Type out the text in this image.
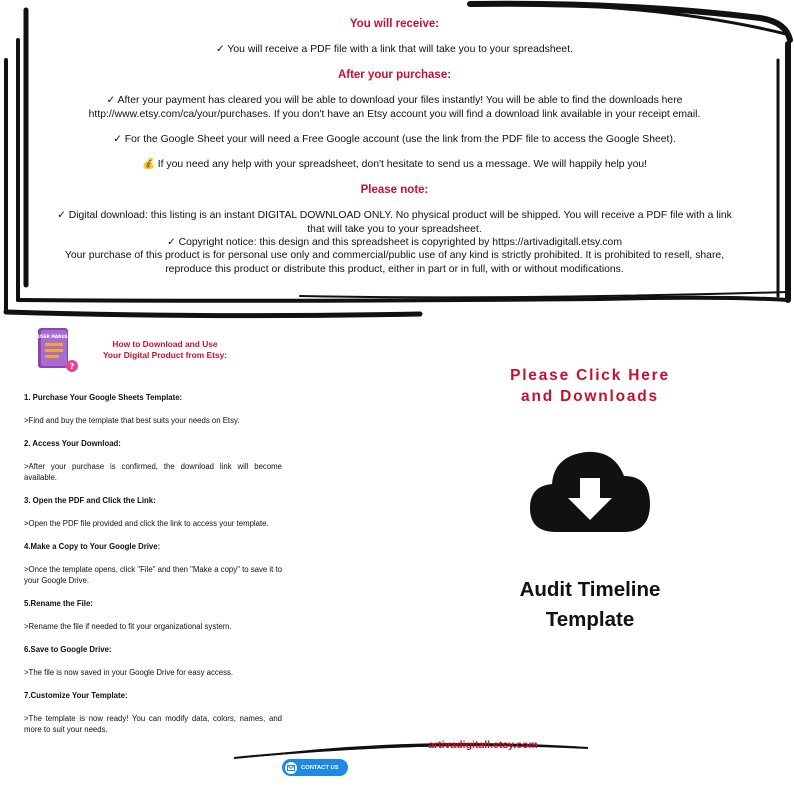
You will receive:

✓ You will receive a PDF file with a link that will take you to your spreadsheet.

After your purchase:

✓ After your payment has cleared you will be able to download your files instantly! You will be able to find the downloads here

http://www.etsy.com/ca/your/purchases. If you don't have an Etsy account you will find a download link available in your receipt email.

✓ For the Google Sheet your will need a Free Google account (use the link from the PDF file to access the Google Sheet).

💰 If you need any help with your spreadsheet, don't hesitate to send us a message. We will happily help you!

Please note:

✓ Digital download: this listing is an instant DIGITAL DOWNLOAD ONLY. No physical product will be shipped. You will receive a PDF file with a link

that will take you to your spreadsheet.

✓ Copyright notice: this design and this spreadsheet is copyrighted by https://artivadigitall.etsy.com

Your purchase of this product is for personal use only and commercial/public use of any kind is strictly prohibited. It is prohibited to resell, share,

reproduce this product or distribute this product, either in part or in full, with or without modifications.

USER MANUAL
?
How to Download and Use
Your Digital Product from Etsy:

1. Purchase Your Google Sheets Template:

>Find and buy the template that best suits your needs on Etsy.

2. Access Your Download:

>After your purchase is confirmed, the download link will become available.

3. Open the PDF and Click the Link:

>Open the PDF file provided and click the link to access your template.

4.Make a Copy to Your Google Drive:

>Once the template opens, click "File" and then "Make a copy" to save it to your Google Drive.

5.Rename the File:

>Rename the file if needed to fit your organizational system.

6.Save to Google Drive:

>The file is now saved in your Google Drive for easy access.

7.Customize Your Template:

>The template is now ready! You can modify data, colors, names, and more to suit your needs.

Please Click Here
and Downloads
Audit Timeline
Template
artivadigitall.etsy.com
CONTACT US
